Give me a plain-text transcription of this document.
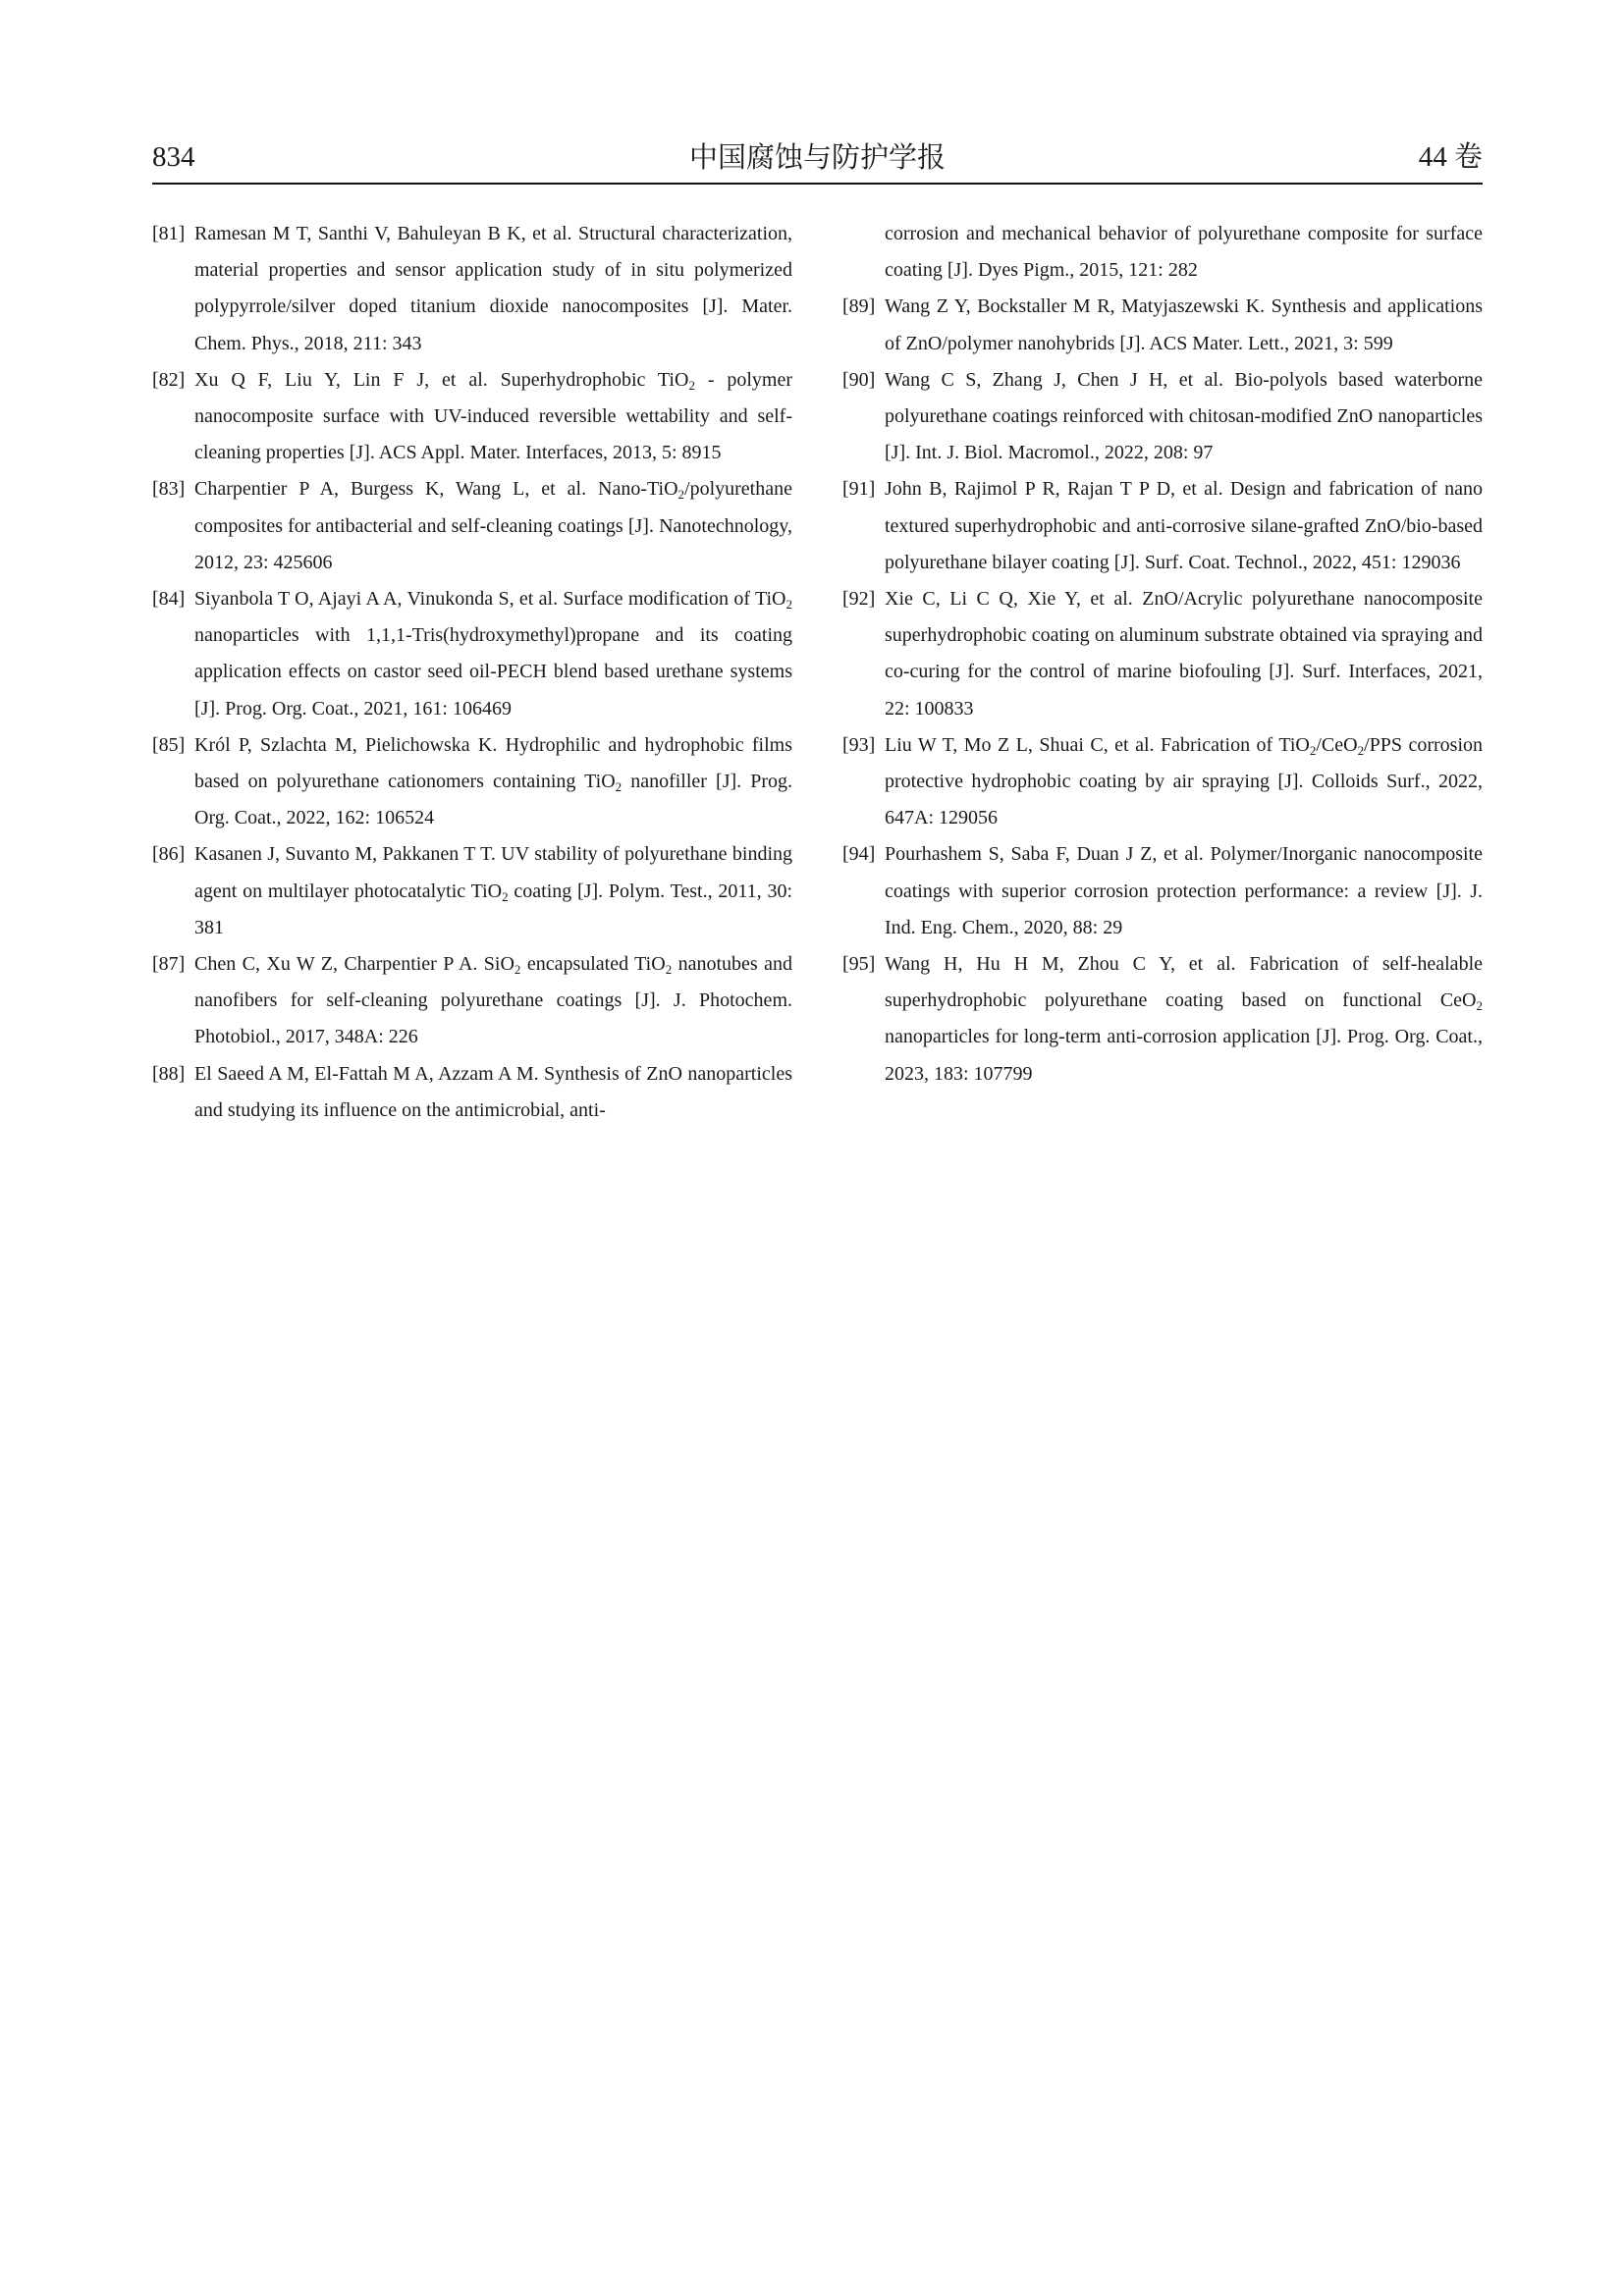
834	中国腐蚀与防护学报	44 卷

[81] Ramesan M T, Santhi V, Bahuleyan B K, et al. Structural characterization, material properties and sensor application study of in situ polymerized polypyrrole/silver doped titanium dioxide nanocomposites [J]. Mater. Chem. Phys., 2018, 211: 343

[82] Xu Q F, Liu Y, Lin F J, et al. Superhydrophobic TiO$_2$ - polymer nanocomposite surface with UV-induced reversible wettability and self-cleaning properties [J]. ACS Appl. Mater. Interfaces, 2013, 5: 8915

[83] Charpentier P A, Burgess K, Wang L, et al. Nano-TiO$_2$/polyurethane composites for antibacterial and self-cleaning coatings [J]. Nanotechnology, 2012, 23: 425606

[84] Siyanbola T O, Ajayi A A, Vinukonda S, et al. Surface modification of TiO$_2$ nanoparticles with 1,1,1-Tris(hydroxymethyl)propane and its coating application effects on castor seed oil-PECH blend based urethane systems [J]. Prog. Org. Coat., 2021, 161: 106469

[85] Król P, Szlachta M, Pielichowska K. Hydrophilic and hydrophobic films based on polyurethane cationomers containing TiO$_2$ nanofiller [J]. Prog. Org. Coat., 2022, 162: 106524

[86] Kasanen J, Suvanto M, Pakkanen T T. UV stability of polyurethane binding agent on multilayer photocatalytic TiO$_2$ coating [J]. Polym. Test., 2011, 30: 381

[87] Chen C, Xu W Z, Charpentier P A. SiO$_2$ encapsulated TiO$_2$ nanotubes and nanofibers for self-cleaning polyurethane coatings [J]. J. Photochem. Photobiol., 2017, 348A: 226

[88] El Saeed A M, El-Fattah M A, Azzam A M. Synthesis of ZnO nanoparticles and studying its influence on the antimicrobial, anti-

corrosion and mechanical behavior of polyurethane composite for surface coating [J]. Dyes Pigm., 2015, 121: 282

[89] Wang Z Y, Bockstaller M R, Matyjaszewski K. Synthesis and applications of ZnO/polymer nanohybrids [J]. ACS Mater. Lett., 2021, 3: 599

[90] Wang C S, Zhang J, Chen J H, et al. Bio-polyols based waterborne polyurethane coatings reinforced with chitosan-modified ZnO nanoparticles [J]. Int. J. Biol. Macromol., 2022, 208: 97

[91] John B, Rajimol P R, Rajan T P D, et al. Design and fabrication of nano textured superhydrophobic and anti-corrosive silane-grafted ZnO/bio-based polyurethane bilayer coating [J]. Surf. Coat. Technol., 2022, 451: 129036

[92] Xie C, Li C Q, Xie Y, et al. ZnO/Acrylic polyurethane nanocomposite superhydrophobic coating on aluminum substrate obtained via spraying and co-curing for the control of marine biofouling [J]. Surf. Interfaces, 2021, 22: 100833

[93] Liu W T, Mo Z L, Shuai C, et al. Fabrication of TiO$_2$/CeO$_2$/PPS corrosion protective hydrophobic coating by air spraying [J]. Colloids Surf., 2022, 647A: 129056

[94] Pourhashem S, Saba F, Duan J Z, et al. Polymer/Inorganic nanocomposite coatings with superior corrosion protection performance: a review [J]. J. Ind. Eng. Chem., 2020, 88: 29

[95] Wang H, Hu H M, Zhou C Y, et al. Fabrication of self-healable superhydrophobic polyurethane coating based on functional CeO$_2$ nanoparticles for long-term anti-corrosion application [J]. Prog. Org. Coat., 2023, 183: 107799
